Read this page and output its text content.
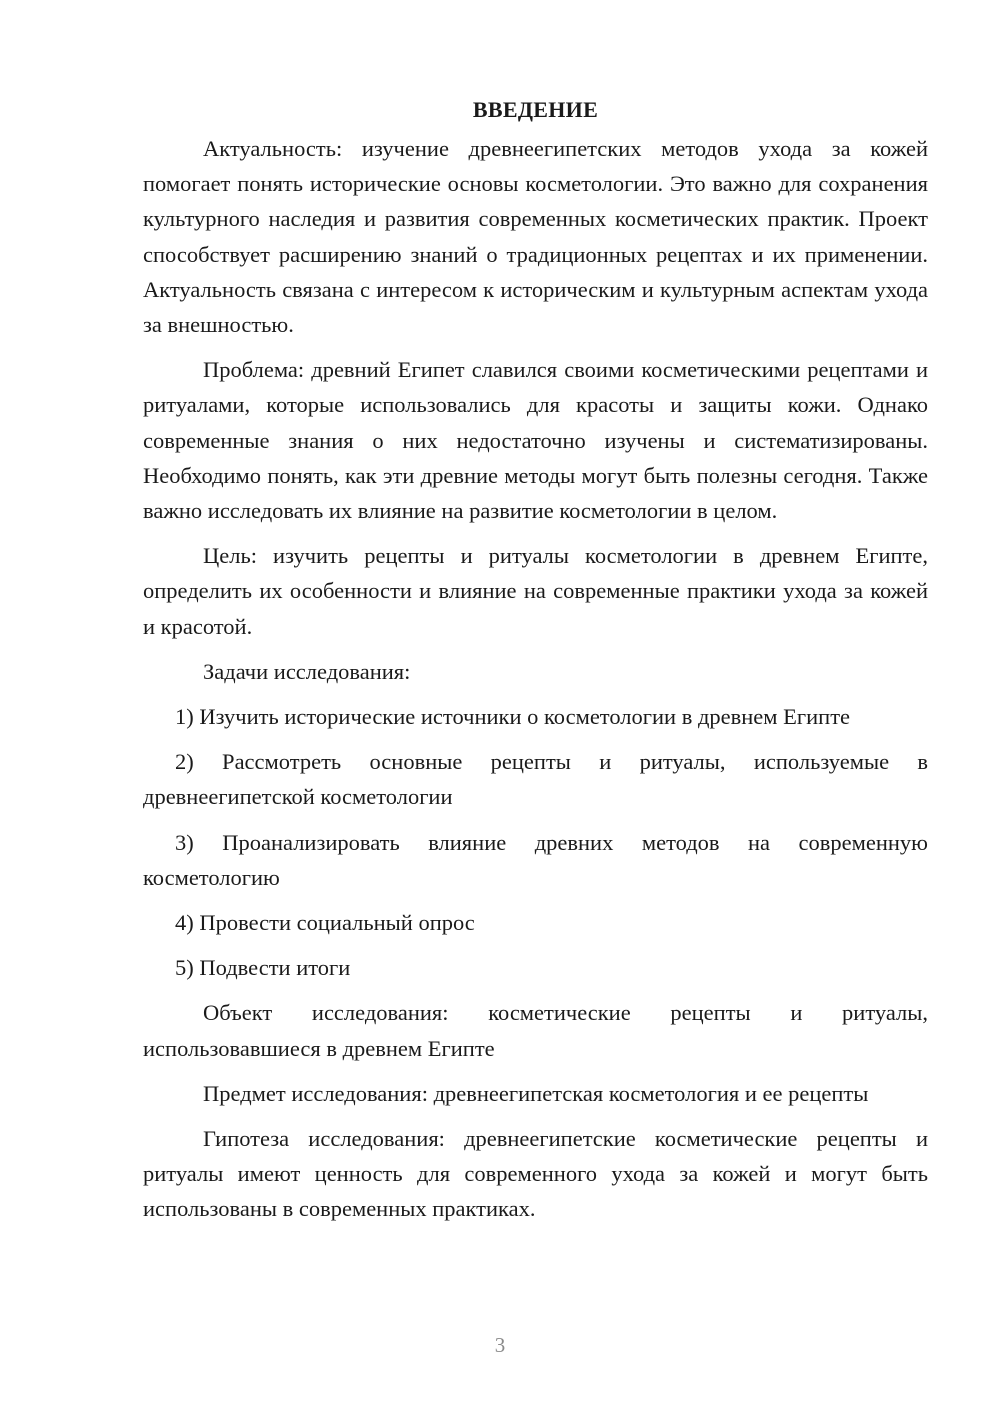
ВВЕДЕНИЕ

Актуальность: изучение древнеегипетских методов ухода за кожей помогает понять исторические основы косметологии. Это важно для сохранения культурного наследия и развития современных косметических практик. Проект способствует расширению знаний о традиционных рецептах и их применении. Актуальность связана с интересом к историческим и культурным аспектам ухода за внешностью.

Проблема: древний Египет славился своими косметическими рецептами и ритуалами, которые использовались для красоты и защиты кожи. Однако современные знания о них недостаточно изучены и систематизированы. Необходимо понять, как эти древние методы могут быть полезны сегодня. Также важно исследовать их влияние на развитие косметологии в целом.

Цель: изучить рецепты и ритуалы косметологии в древнем Египте, определить их особенности и влияние на современные практики ухода за кожей и красотой.

Задачи исследования:

1) Изучить исторические источники о косметологии в древнем Египте

2) Рассмотреть основные рецепты и ритуалы, используемые в древнеегипетской косметологии

3) Проанализировать влияние древних методов на современную косметологию

4) Провести социальный опрос

5) Подвести итоги

Объект исследования: косметические рецепты и ритуалы, использовавшиеся в древнем Египте

Предмет исследования: древнеегипетская косметология и ее рецепты

Гипотеза исследования: древнеегипетские косметические рецепты и ритуалы имеют ценность для современного ухода за кожей и могут быть использованы в современных практиках.

3
